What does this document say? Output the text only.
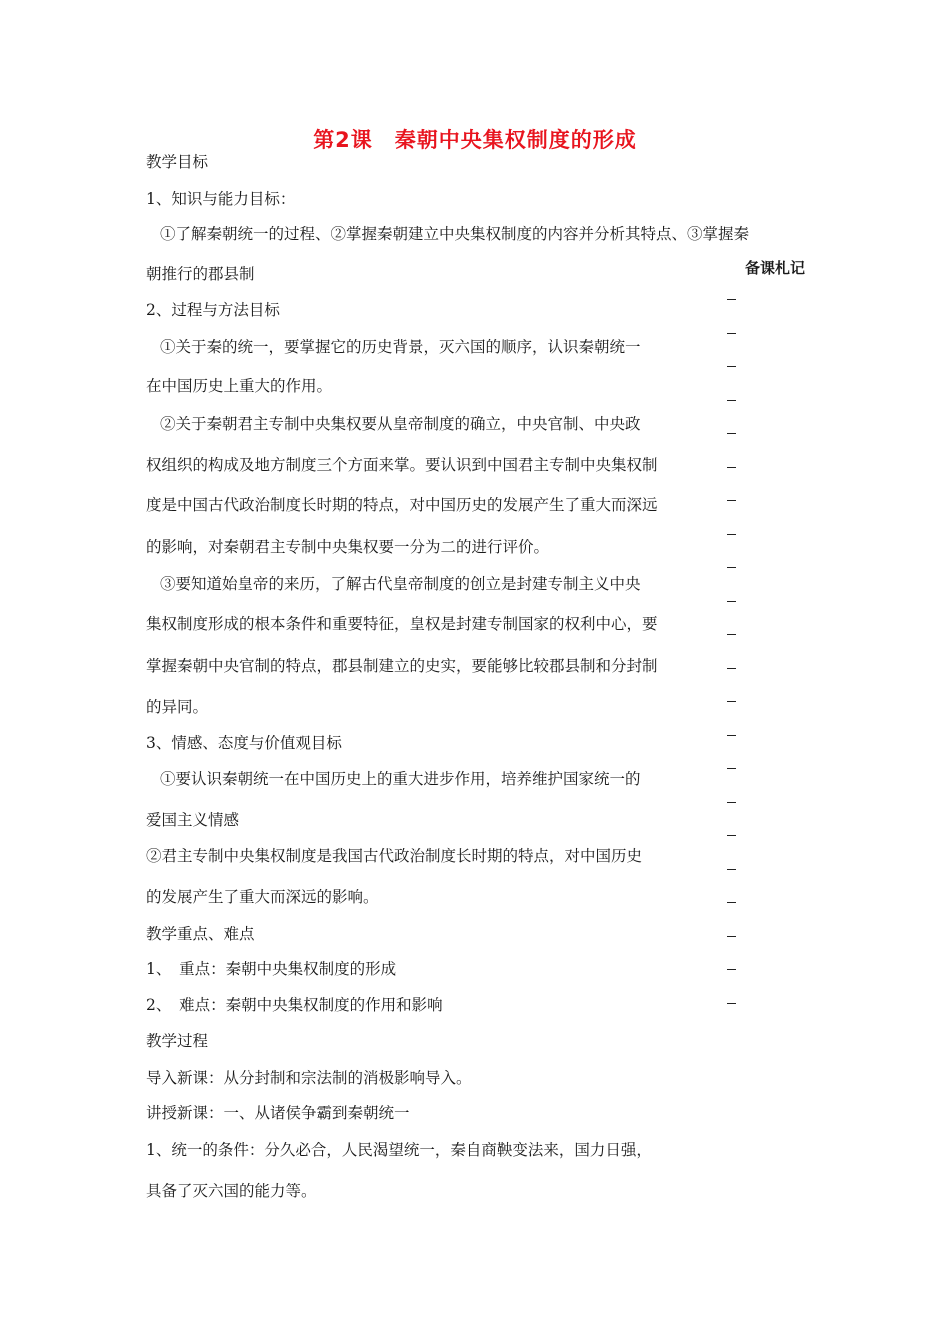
第2课　秦朝中央集权制度的形成
教学目标
1、知识与能力目标：
①了解秦朝统一的过程、②掌握秦朝建立中央集权制度的内容并分析其特点、③掌握秦
朝推行的郡县制
2、过程与方法目标
①关于秦的统一，要掌握它的历史背景，灭六国的顺序，认识秦朝统一
在中国历史上重大的作用。
②关于秦朝君主专制中央集权要从皇帝制度的确立，中央官制、中央政
权组织的构成及地方制度三个方面来掌。要认识到中国君主专制中央集权制
度是中国古代政治制度长时期的特点，对中国历史的发展产生了重大而深远
的影响，对秦朝君主专制中央集权要一分为二的进行评价。
③要知道始皇帝的来历，了解古代皇帝制度的创立是封建专制主义中央
集权制度形成的根本条件和重要特征，皇权是封建专制国家的权利中心，要
掌握秦朝中央官制的特点，郡县制建立的史实，要能够比较郡县制和分封制
的异同。
3、情感、态度与价值观目标
①要认识秦朝统一在中国历史上的重大进步作用，培养维护国家统一的
爱国主义情感
②君主专制中央集权制度是我国古代政治制度长时期的特点，对中国历史
的发展产生了重大而深远的影响。
教学重点、难点
1、　重点：秦朝中央集权制度的形成
2、　难点：秦朝中央集权制度的作用和影响
教学过程
导入新课：从分封制和宗法制的消极影响导入。
讲授新课：一、从诸侯争霸到秦朝统一
1、统一的条件：分久必合，人民渴望统一，秦自商鞅变法来，国力日强，
具备了灭六国的能力等。
备课札记
